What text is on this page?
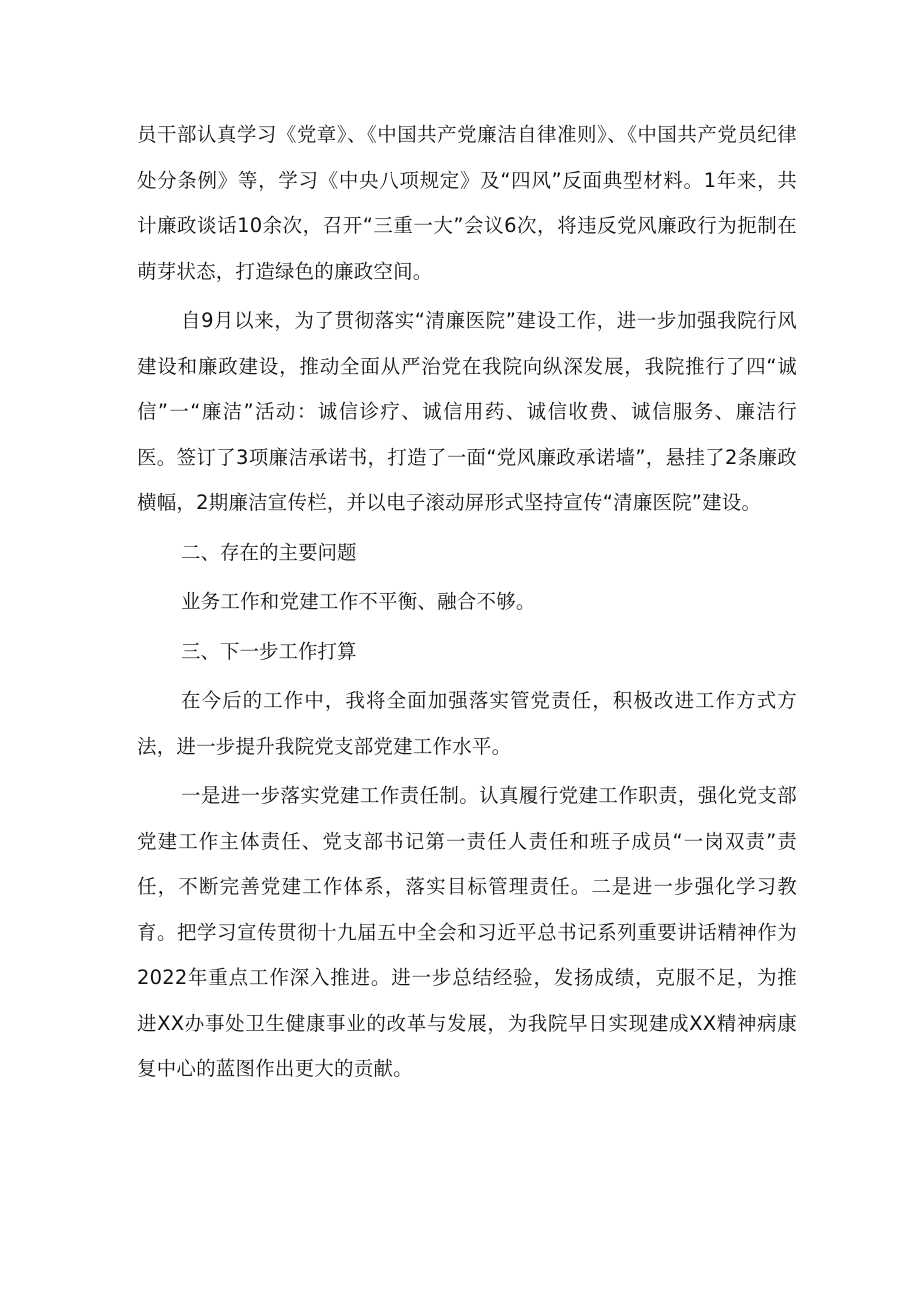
员干部认真学习《党章》、《中国共产党廉洁自律准则》、《中国共产党员纪律处分条例》等，学习《中央八项规定》及“四风”反面典型材料。1年来，共计廉政谈话10余次，召开“三重一大”会议6次，将违反党风廉政行为扼制在萌芽状态，打造绿色的廉政空间。

自9月以来，为了贯彻落实“清廉医院”建设工作，进一步加强我院行风建设和廉政建设，推动全面从严治党在我院向纵深发展，我院推行了四“诚信”一“廉洁”活动：诚信诊疗、诚信用药、诚信收费、诚信服务、廉洁行医。签订了3项廉洁承诺书，打造了一面“党风廉政承诺墙”，悬挂了2条廉政横幅，2期廉洁宣传栏，并以电子滚动屏形式坚持宣传“清廉医院”建设。

二、存在的主要问题

业务工作和党建工作不平衡、融合不够。

三、下一步工作打算

在今后的工作中，我将全面加强落实管党责任，积极改进工作方式方法，进一步提升我院党支部党建工作水平。

一是进一步落实党建工作责任制。认真履行党建工作职责，强化党支部党建工作主体责任、党支部书记第一责任人责任和班子成员“一岗双责”责任，不断完善党建工作体系，落实目标管理责任。二是进一步强化学习教育。把学习宣传贯彻十九届五中全会和习近平总书记系列重要讲话精神作为2022年重点工作深入推进。进一步总结经验，发扬成绩，克服不足，为推进XX办事处卫生健康事业的改革与发展，为我院早日实现建成XX精神病康复中心的蓝图作出更大的贡献。
